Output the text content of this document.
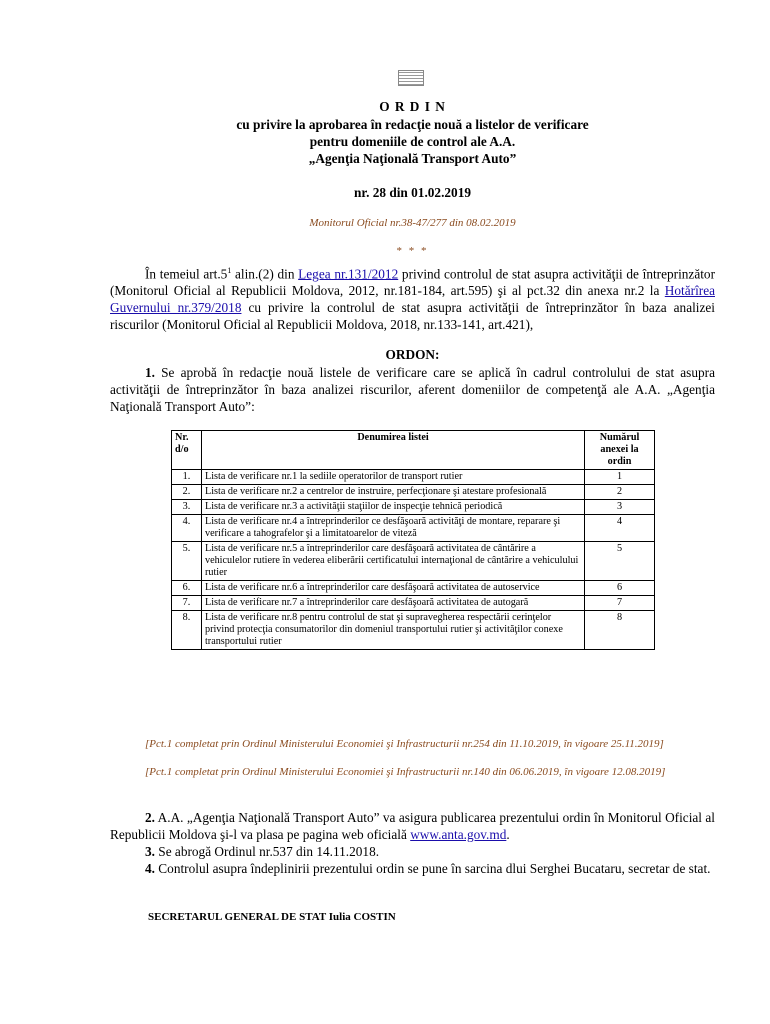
O R D I N
cu privire la aprobarea în redacţie nouă a listelor de verificare
pentru domeniile de control ale A.A.
„Agenţia Naţională Transport Auto”
nr. 28 din 01.02.2019
Monitorul Oficial nr.38-47/277 din 08.02.2019
* * *
În temeiul $art.5^1$ alin.(2) din Legea nr.131/2012 privind controlul de stat asupra activităţii de întreprinzător (Monitorul Oficial al Republicii Moldova, 2012, nr.181-184, art.595) şi al pct.32 din anexa nr.2 la Hotărîrea Guvernului nr.379/2018 cu privire la controlul de stat asupra activităţii de întreprinzător în baza analizei riscurilor (Monitorul Oficial al Republicii Moldova, 2018, nr.133-141, art.421),
ORDON:
1. Se aprobă în redacţie nouă listele de verificare care se aplică în cadrul controlului de stat asupra activităţii de întreprinzător în baza analizei riscurilor, aferent domeniilor de competenţă ale A.A. „Agenţia Naţională Transport Auto”:
Nr. d/o	Denumirea listei	Numărul anexei la ordin
1.	Lista de verificare nr.1 la sediile operatorilor de transport rutier	1
2.	Lista de verificare nr.2 a centrelor de instruire, perfecţionare şi atestare profesională	2
3.	Lista de verificare nr.3 a activităţii staţiilor de inspecţie tehnică periodică	3
4.	Lista de verificare nr.4 a întreprinderilor ce desfăşoară activităţi de montare, reparare şi verificare a tahografelor şi a limitatoarelor de viteză	4
5.	Lista de verificare nr.5 a întreprinderilor care desfăşoară activitatea de cântărire a vehiculelor rutiere în vederea eliberării certificatului internaţional de cântărire a vehiculului rutier	5
6.	Lista de verificare nr.6 a întreprinderilor care desfăşoară activitatea de autoservice	6
7.	Lista de verificare nr.7 a întreprinderilor care desfăşoară activitatea de autogară	7
8.	Lista de verificare nr.8 pentru controlul de stat şi supravegherea respectării cerinţelor privind protecţia consumatorilor din domeniul transportului rutier şi activităţilor conexe transportului rutier	8
[Pct.1 completat prin Ordinul Ministerului Economiei şi Infrastructurii nr.254 din 11.10.2019, în vigoare 25.11.2019]
[Pct.1 completat prin Ordinul Ministerului Economiei şi Infrastructurii nr.140 din 06.06.2019, în vigoare 12.08.2019]
2. A.A. „Agenţia Naţională Transport Auto” va asigura publicarea prezentului ordin în Monitorul Oficial al Republicii Moldova şi-l va plasa pe pagina web oficială www.anta.gov.md.
3. Se abrogă Ordinul nr.537 din 14.11.2018.
4. Controlul asupra îndeplinirii prezentului ordin se pune în sarcina dlui Serghei Bucataru, secretar de stat.
SECRETARUL GENERAL DE STAT Iulia COSTIN
